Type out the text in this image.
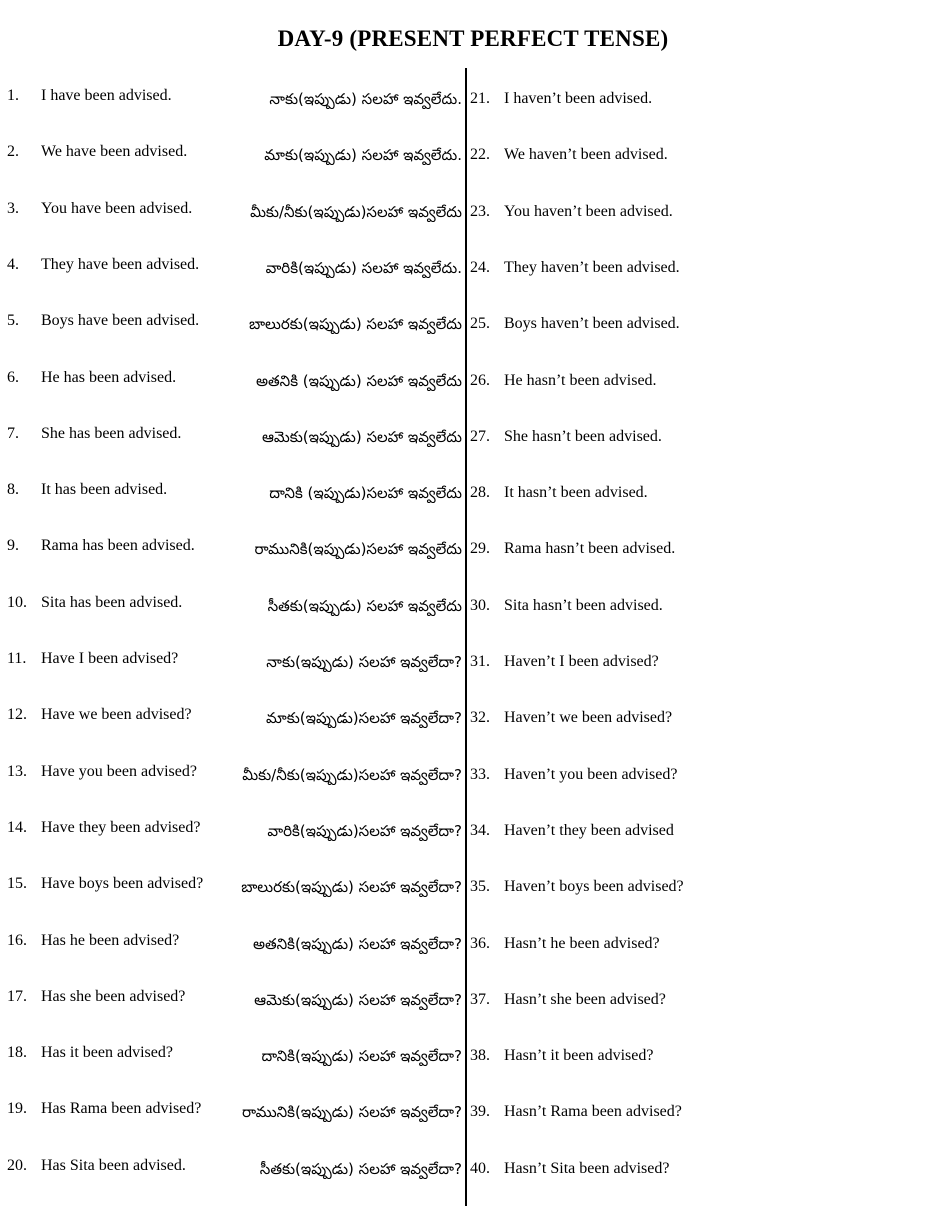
DAY-9 (PRESENT PERFECT TENSE)
1. I have been advised.
2. We have been advised.
3. You have been advised.
4. They have been advised.
5. Boys have been advised.
6. He has been advised.
7. She has been advised.
8. It has been advised.
9. Rama has been advised.
10. Sita has been advised.
11. Have I been advised?
12. Have we been advised?
13. Have you been advised?
14. Have they been advised?
15. Have boys been advised?
16. Has he been advised?
17. Has she been advised?
18. Has it been advised?
19. Has Rama been advised?
20. Has Sita been advised.
21. I haven’t been advised.
నాకు(ఇప్పుడు) సలహా ఇవ్వలేదు.
22. We haven’t been advised.
మాకు(ఇప్పుడు) సలహా ఇవ్వలేదు.
23. You haven’t been advised.
మీకు/నీకు(ఇప్పుడు)సలహా ఇవ్వలేదు
24. They haven’t been advised.
వారికి(ఇప్పుడు) సలహా ఇవ్వలేదు.
25. Boys haven’t been advised.
బాలురకు(ఇప్పుడు) సలహా ఇవ్వలేదు
26. He hasn’t been advised.
అతనికి (ఇప్పుడు) సలహా ఇవ్వలేదు
27. She hasn’t been advised.
ఆమెకు(ఇప్పుడు) సలహా ఇవ్వలేదు
28. It hasn’t been advised.
దానికి (ఇప్పుడు)సలహా ఇవ్వలేదు
29. Rama hasn’t been advised.
రామునికి(ఇప్పుడు)సలహా ఇవ్వలేదు
30. Sita hasn’t been advised.
సీతకు(ఇప్పుడు) సలహా ఇవ్వలేదు
31. Haven’t I been advised?
నాకు(ఇప్పుడు) సలహా ఇవ్వలేదా?
32. Haven’t we been advised?
మాకు(ఇప్పుడు)సలహా ఇవ్వలేదా?
33. Haven’t you been advised?
మీకు/నీకు(ఇప్పుడు)సలహా ఇవ్వలేదా?
34. Haven’t they been advised
వారికి(ఇప్పుడు)సలహా ఇవ్వలేదా?
35. Haven’t boys been advised?
బాలురకు(ఇప్పుడు) సలహా ఇవ్వలేదా?
36. Hasn’t he been advised?
అతనికి(ఇప్పుడు) సలహా ఇవ్వలేదా?
37. Hasn’t she been advised?
ఆమెకు(ఇప్పుడు) సలహా ఇవ్వలేదా?
38. Hasn’t it been advised?
దానికి(ఇప్పుడు) సలహా ఇవ్వలేదా?
39. Hasn’t Rama been advised?
రామునికి(ఇప్పుడు) సలహా ఇవ్వలేదా?
40. Hasn’t Sita been advised?
సీతకు(ఇప్పుడు) సలహా ఇవ్వలేదా?
